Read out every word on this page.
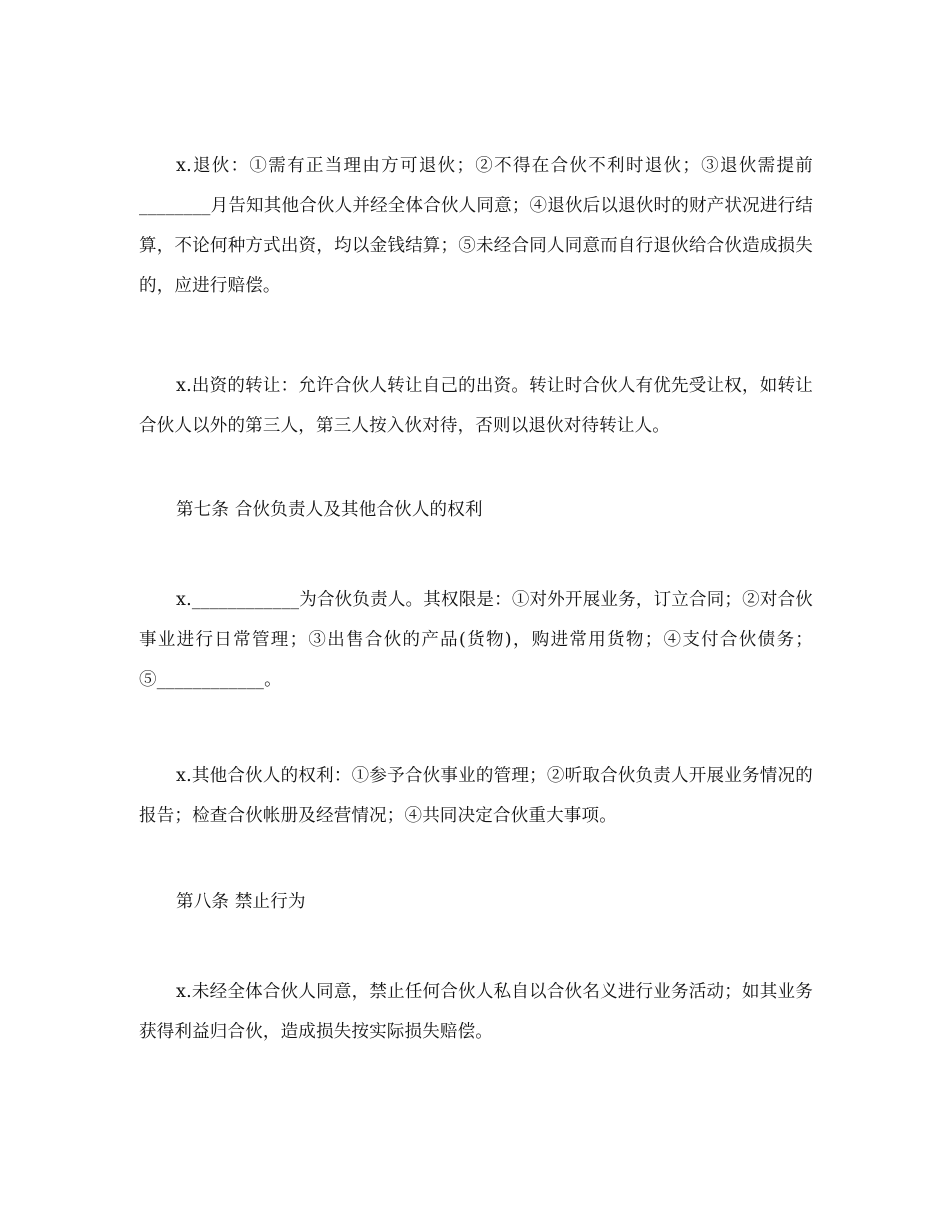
x.退伙：①需有正当理由方可退伙；②不得在合伙不利时退伙；③退伙需提前________月告知其他合伙人并经全体合伙人同意；④退伙后以退伙时的财产状况进行结算，不论何种方式出资，均以金钱结算；⑤未经合同人同意而自行退伙给合伙造成损失的，应进行赔偿。

x.出资的转让：允许合伙人转让自己的出资。转让时合伙人有优先受让权，如转让合伙人以外的第三人，第三人按入伙对待，否则以退伙对待转让人。

第七条 合伙负责人及其他合伙人的权利

x.____________为合伙负责人。其权限是：①对外开展业务，订立合同；②对合伙事业进行日常管理；③出售合伙的产品(货物)，购进常用货物；④支付合伙债务；⑤____________。

x.其他合伙人的权利：①参予合伙事业的管理；②听取合伙负责人开展业务情况的报告；检查合伙帐册及经营情况；④共同决定合伙重大事项。

第八条 禁止行为

x.未经全体合伙人同意，禁止任何合伙人私自以合伙名义进行业务活动；如其业务获得利益归合伙，造成损失按实际损失赔偿。
